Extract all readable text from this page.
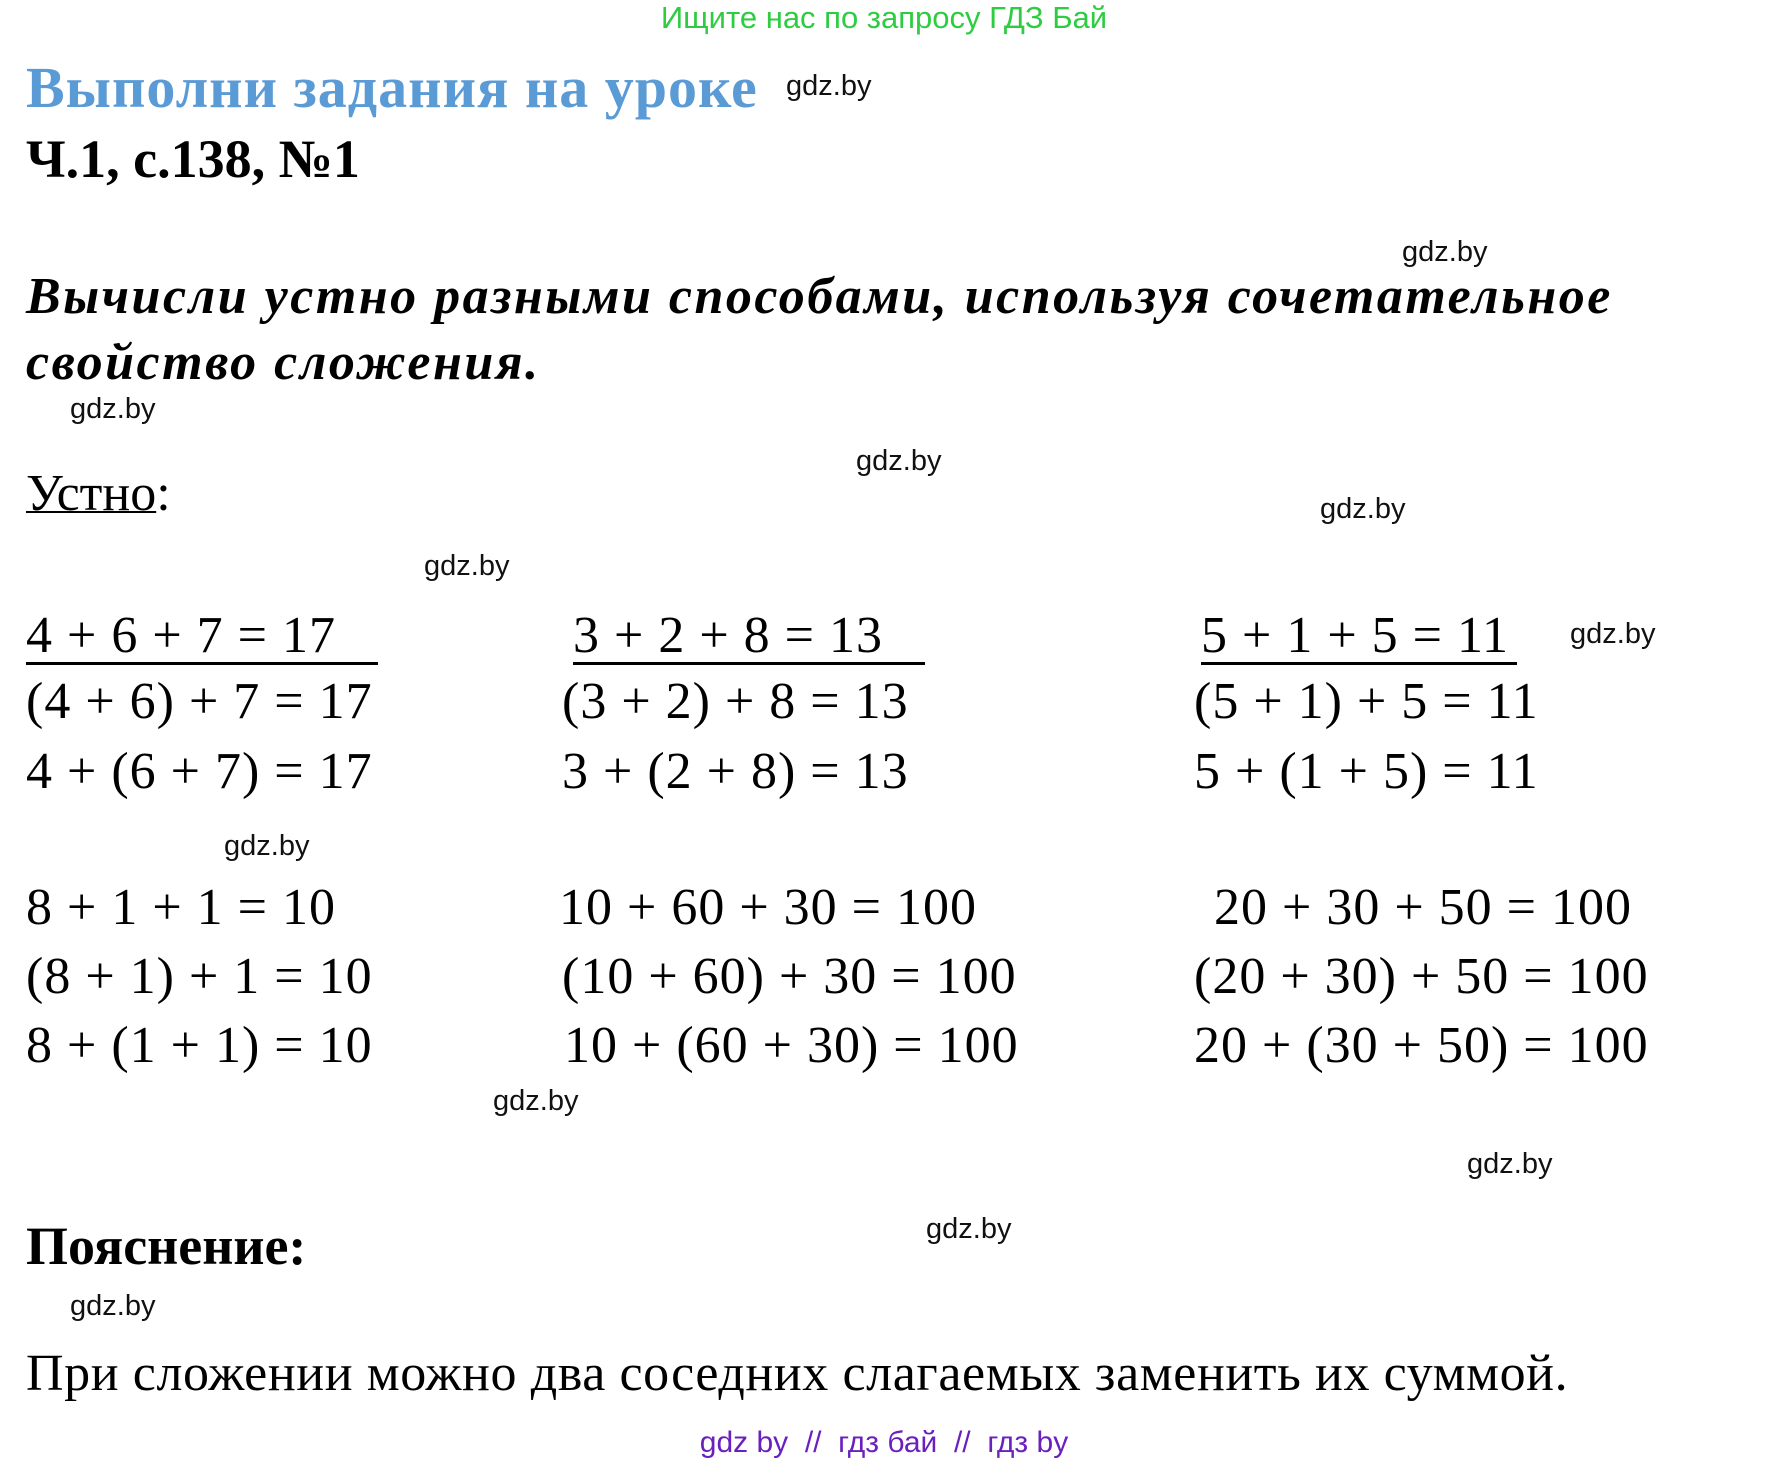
Ищите нас по запросу ГДЗ Бай
Выполни задания на уроке
Ч.1, с.138, №1
Вычисли устно разными способами, используя сочетательное
свойство сложения.
Устно:
4 + 6 + 7 = 17
(4 + 6) + 7 = 17
4 + (6 + 7) = 17
3 + 2 + 8 = 13
(3 + 2) + 8 = 13
3 + (2 + 8) = 13
5 + 1 + 5 = 11
(5 + 1) + 5 = 11
5 + (1 + 5) = 11
8 + 1 + 1 = 10
(8 + 1) + 1 = 10
8 + (1 + 1) = 10
10 + 60 + 30 = 100
(10 + 60) + 30 = 100
10 + (60 + 30) = 100
20 + 30 + 50 = 100
(20 + 30) + 50 = 100
20 + (30 + 50) = 100
Пояснение:
При сложении можно два соседних слагаемых заменить их суммой.
gdz.by
gdz.by
gdz.by
gdz.by
gdz.by
gdz.by
gdz.by
gdz.by
gdz.by
gdz.by
gdz.by
gdz.by
gdz by  //  гдз бай  //  гдз by
